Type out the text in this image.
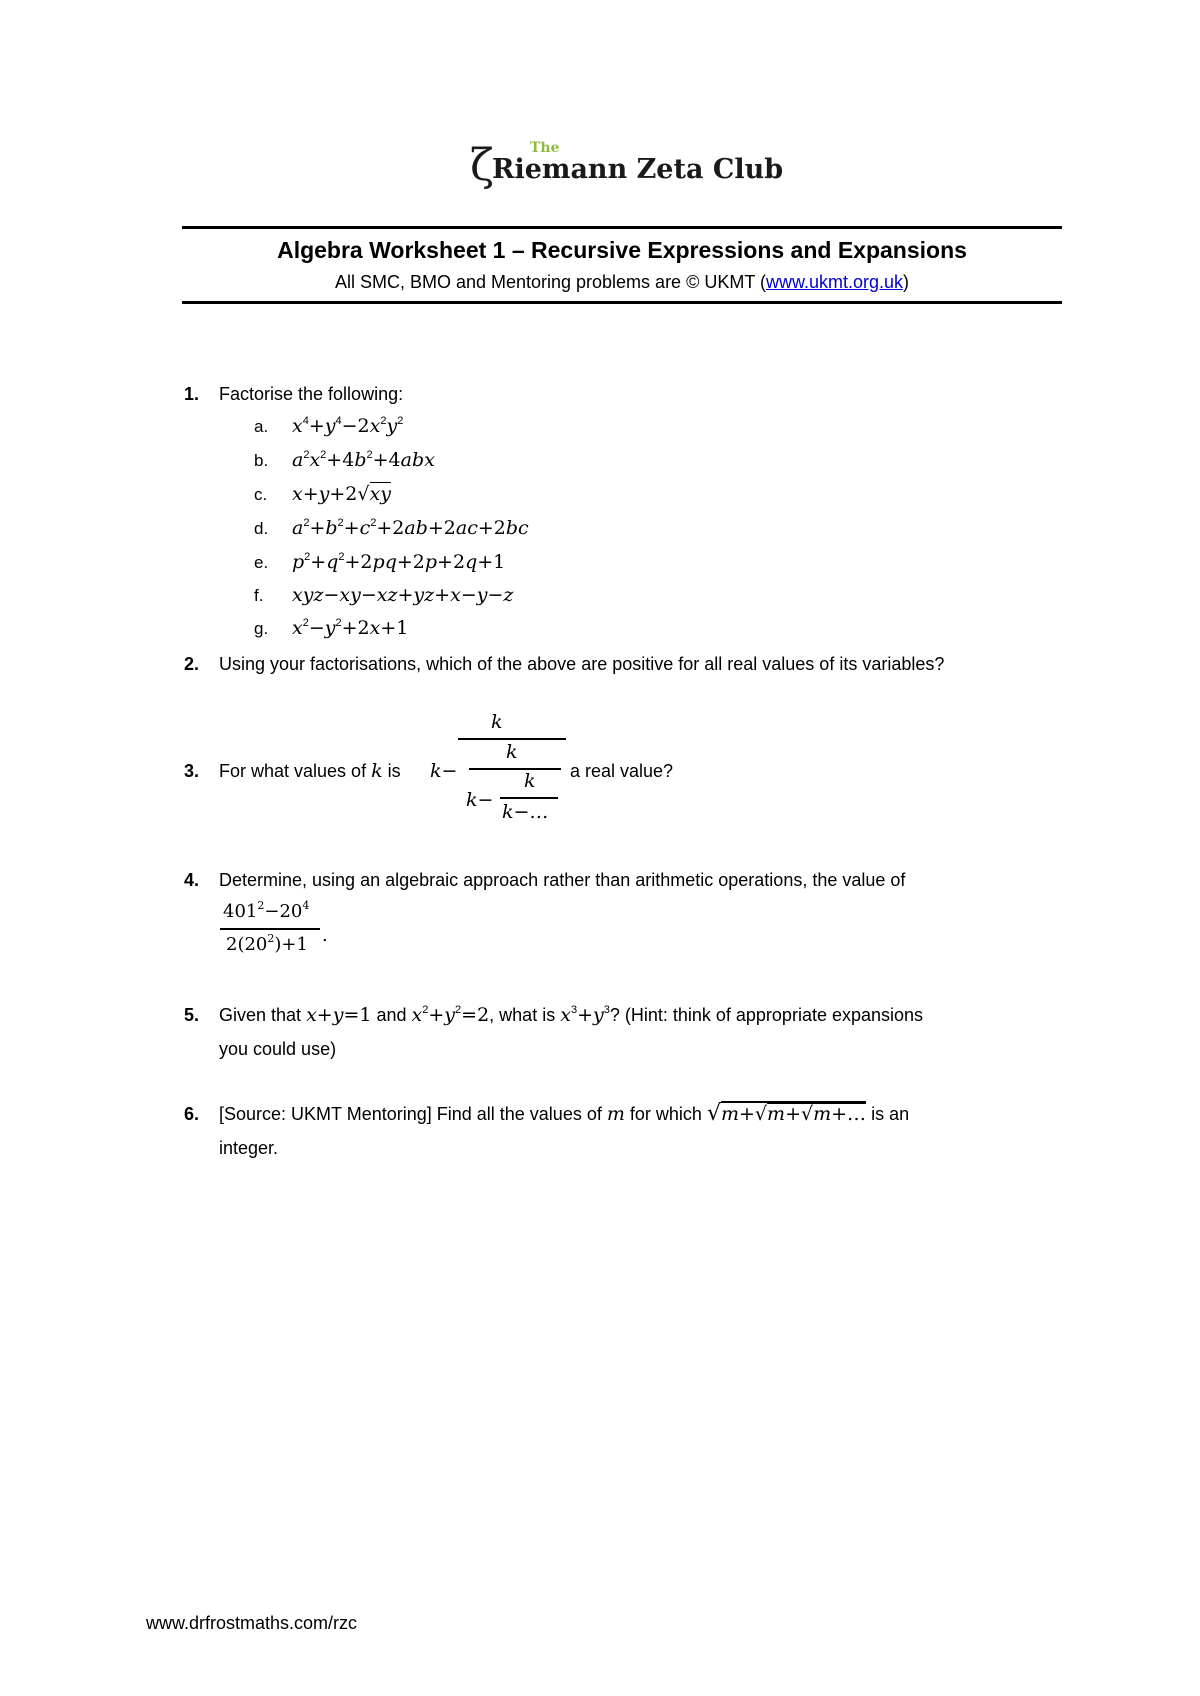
ζ	The
Riemann Zeta Club
Algebra Worksheet 1 – Recursive Expressions and Expansions
All SMC, BMO and Mentoring problems are © UKMT (www.ukmt.org.uk)
1. Factorise the following:
a. $x^4+y^4-2x^2y^2$
b. $a^2x^2+4b^2+4abx$
c. x+y+2√xy
d. $a^2+b^2+c^2+2ab+2ac+2bc$
e. $p^2+q^2+2pq+2p+2q+1$
f. xyz−xy−xz+yz+x−y−z
g. $x^2-y^2+2x+1$
2. Using your factorisations, which of the above are positive for all real values of its variables?
3. For what values of k is
k
k−
k
k−
k
k−…
a real value?
4. Determine, using an algebraic approach rather than arithmetic operations, the value of
$401^2-20^4$
$2(20^2)+1$ .
5. Given that x+y=1 and $x^2+y^2=2$, what is $x^3+y^3$? (Hint: think of appropriate expansions
you could use)
6. [Source: UKMT Mentoring] Find all the values of m for which √m+√m+√m+… is an
integer.
www.drfrostmaths.com/rzc
